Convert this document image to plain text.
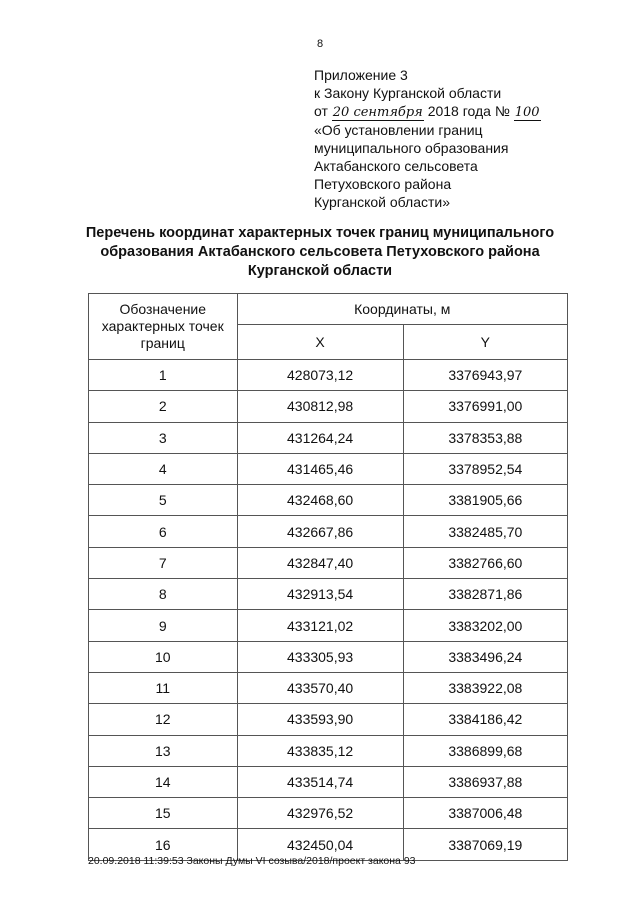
8
Приложение 3
к Закону Курганской области
от 20 сентября 2018 года № 100
«Об установлении границ
муниципального образования
Актабанского сельсовета
Петуховского района
Курганской области»
Перечень координат характерных точек границ муниципального
образования Актабанского сельсовета Петуховского района
Курганской области
Обозначение характерных точек границ	Координаты, м	
	X	Y
1	428073,12	3376943,97
2	430812,98	3376991,00
3	431264,24	3378353,88
4	431465,46	3378952,54
5	432468,60	3381905,66
6	432667,86	3382485,70
7	432847,40	3382766,60
8	432913,54	3382871,86
9	433121,02	3383202,00
10	433305,93	3383496,24
11	433570,40	3383922,08
12	433593,90	3384186,42
13	433835,12	3386899,68
14	433514,74	3386937,88
15	432976,52	3387006,48
16	432450,04	3387069,19
20.09.2018 11:39:53 Законы Думы VI созыва/2018/проект закона 93
